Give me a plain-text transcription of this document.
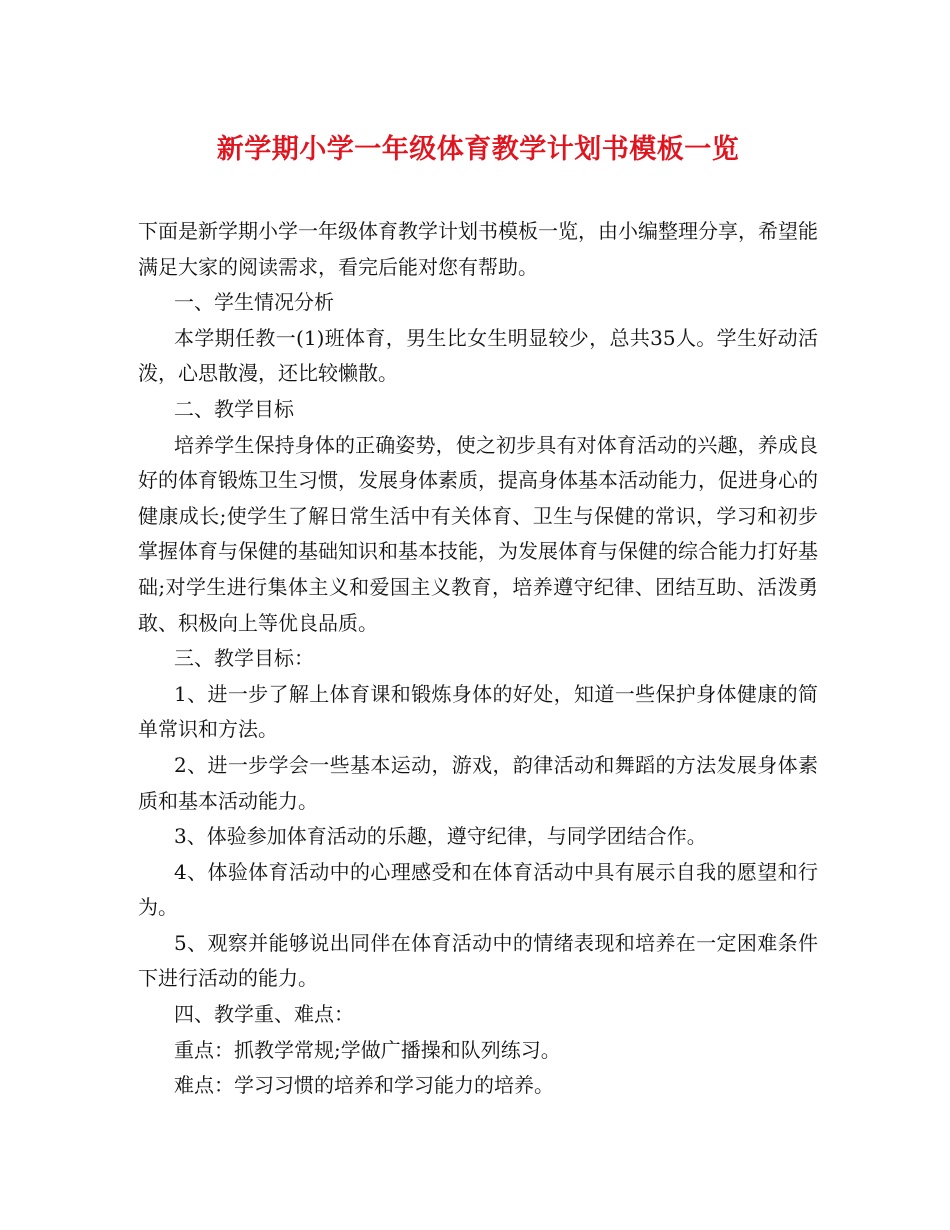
新学期小学一年级体育教学计划书模板一览

下面是新学期小学一年级体育教学计划书模板一览，由小编整理分享，希望能满足大家的阅读需求，看完后能对您有帮助。

一、学生情况分析

本学期任教一(1)班体育，男生比女生明显较少，总共35人。学生好动活泼，心思散漫，还比较懒散。

二、教学目标

培养学生保持身体的正确姿势，使之初步具有对体育活动的兴趣，养成良好的体育锻炼卫生习惯，发展身体素质，提高身体基本活动能力，促进身心的健康成长;使学生了解日常生活中有关体育、卫生与保健的常识，学习和初步掌握体育与保健的基础知识和基本技能，为发展体育与保健的综合能力打好基础;对学生进行集体主义和爱国主义教育，培养遵守纪律、团结互助、活泼勇敢、积极向上等优良品质。

三、教学目标：

1、进一步了解上体育课和锻炼身体的好处，知道一些保护身体健康的简单常识和方法。

2、进一步学会一些基本运动，游戏，韵律活动和舞蹈的方法发展身体素质和基本活动能力。

3、体验参加体育活动的乐趣，遵守纪律，与同学团结合作。

4、体验体育活动中的心理感受和在体育活动中具有展示自我的愿望和行为。

5、观察并能够说出同伴在体育活动中的情绪表现和培养在一定困难条件下进行活动的能力。

四、教学重、难点：

重点：抓教学常规;学做广播操和队列练习。

难点：学习习惯的培养和学习能力的培养。
